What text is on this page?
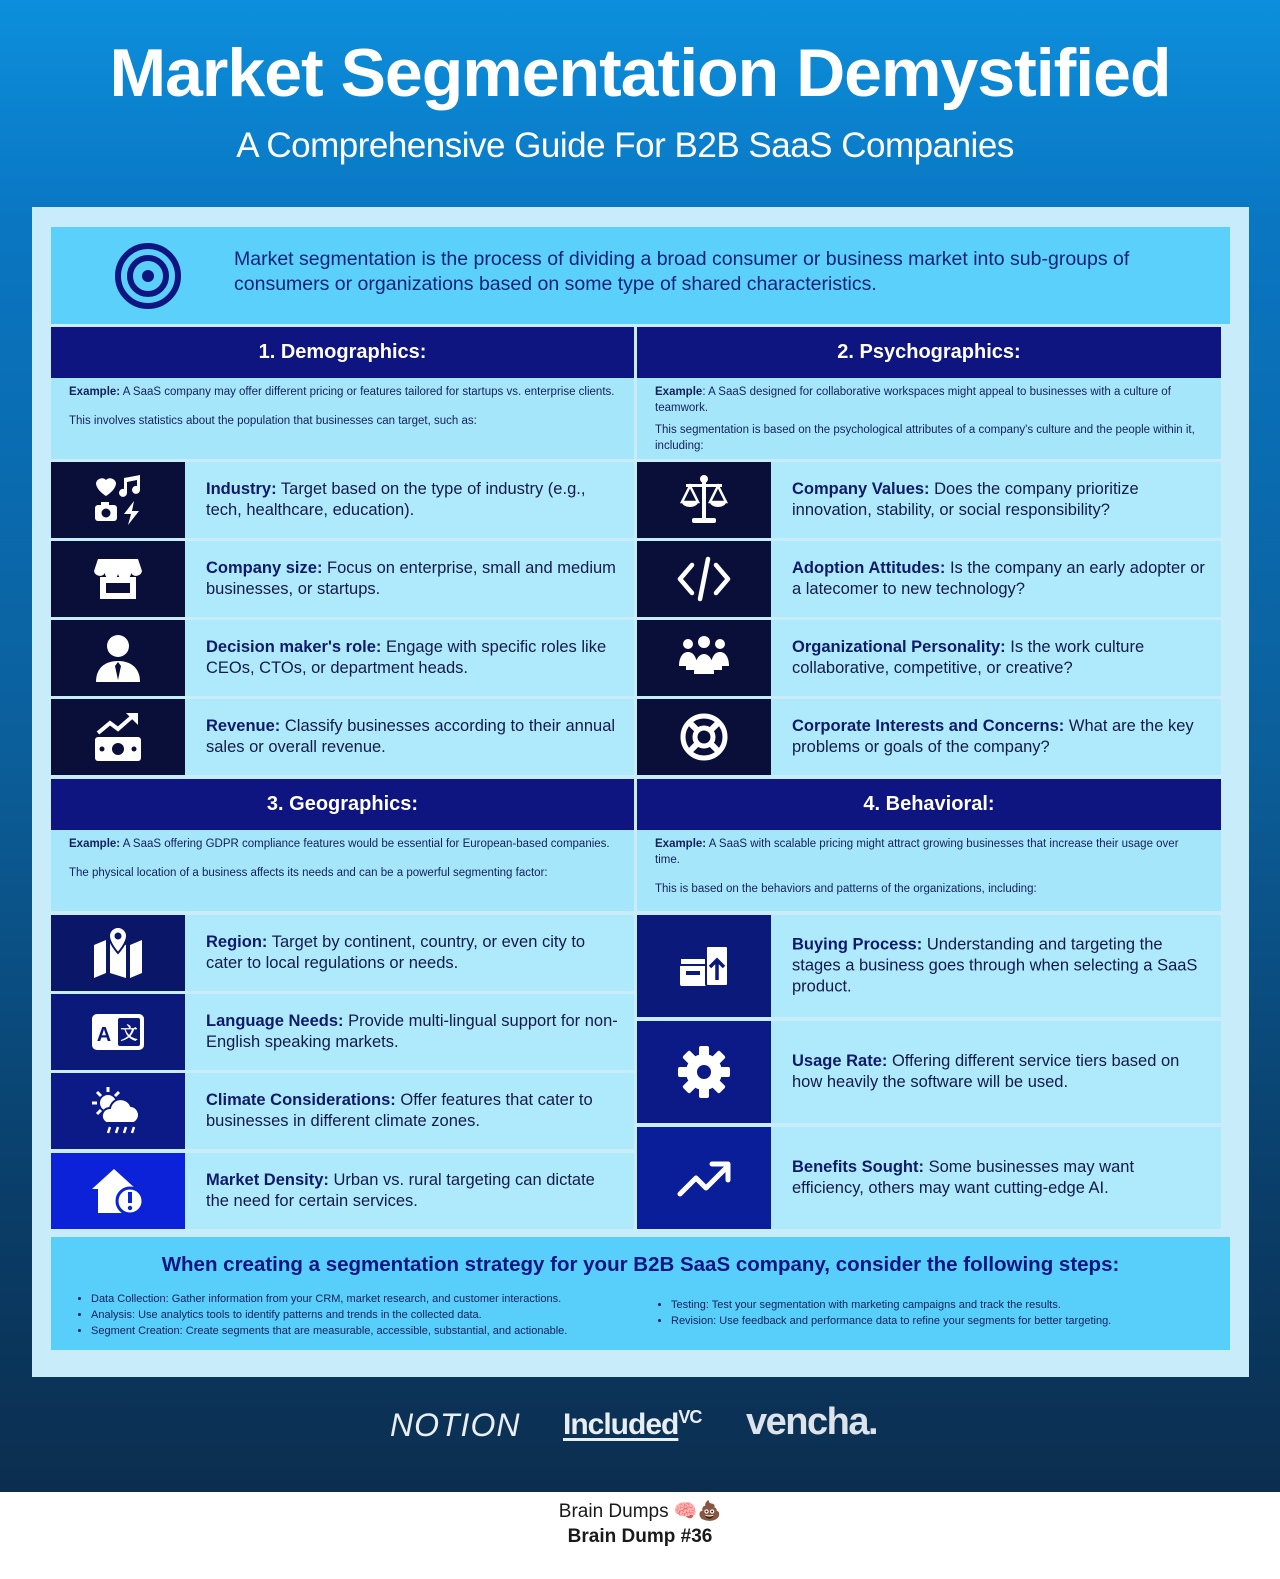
Market Segmentation Demystified
A Comprehensive Guide For B2B SaaS Companies
Market segmentation is the process of dividing a broad consumer or business market into sub-groups of consumers or organizations based on some type of shared characteristics.
1. Demographics:

Example: A SaaS company may offer different pricing or features tailored for startups vs. enterprise clients.

This involves statistics about the population that businesses can target, such as:

Industry: Target based on the type of industry (e.g., tech, healthcare, education).
Company size: Focus on enterprise, small and medium businesses, or startups.
Decision maker's role: Engage with specific roles like CEOs, CTOs, or department heads.
Revenue: Classify businesses according to their annual sales or overall revenue.
2. Psychographics:

Example: A SaaS designed for collaborative workspaces might appeal to businesses with a culture of teamwork.

This segmentation is based on the psychological attributes of a company's culture and the people within it, including:

Company Values: Does the company prioritize innovation, stability, or social responsibility?
Adoption Attitudes: Is the company an early adopter or a latecomer to new technology?
Organizational Personality: Is the work culture collaborative, competitive, or creative?
Corporate Interests and Concerns: What are the key problems or goals of the company?
3. Geographics:

Example: A SaaS offering GDPR compliance features would be essential for European-based companies.

The physical location of a business affects its needs and can be a powerful segmenting factor:

Region: Target by continent, country, or even city to cater to local regulations or needs.
A 文
Language Needs: Provide multi-lingual support for non-English speaking markets.
Climate Considerations: Offer features that cater to businesses in different climate zones.
Market Density: Urban vs. rural targeting can dictate the need for certain services.
4. Behavioral:

Example: A SaaS with scalable pricing might attract growing businesses that increase their usage over time.

This is based on the behaviors and patterns of the organizations, including:

Buying Process: Understanding and targeting the stages a business goes through when selecting a SaaS product.
Usage Rate: Offering different service tiers based on how heavily the software will be used.
Benefits Sought: Some businesses may want efficiency, others may want cutting-edge AI.
When creating a segmentation strategy for your B2B SaaS company, consider the following steps:
• Data Collection: Gather information from your CRM, market research, and customer interactions.
• Analysis: Use analytics tools to identify patterns and trends in the collected data.
• Segment Creation: Create segments that are measurable, accessible, substantial, and actionable.
• Testing: Test your segmentation with marketing campaigns and track the results.
• Revision: Use feedback and performance data to refine your segments for better targeting.
NOTION Included$^{VC}$ vencha.
Brain Dumps 🧠💩
Brain Dump #36
